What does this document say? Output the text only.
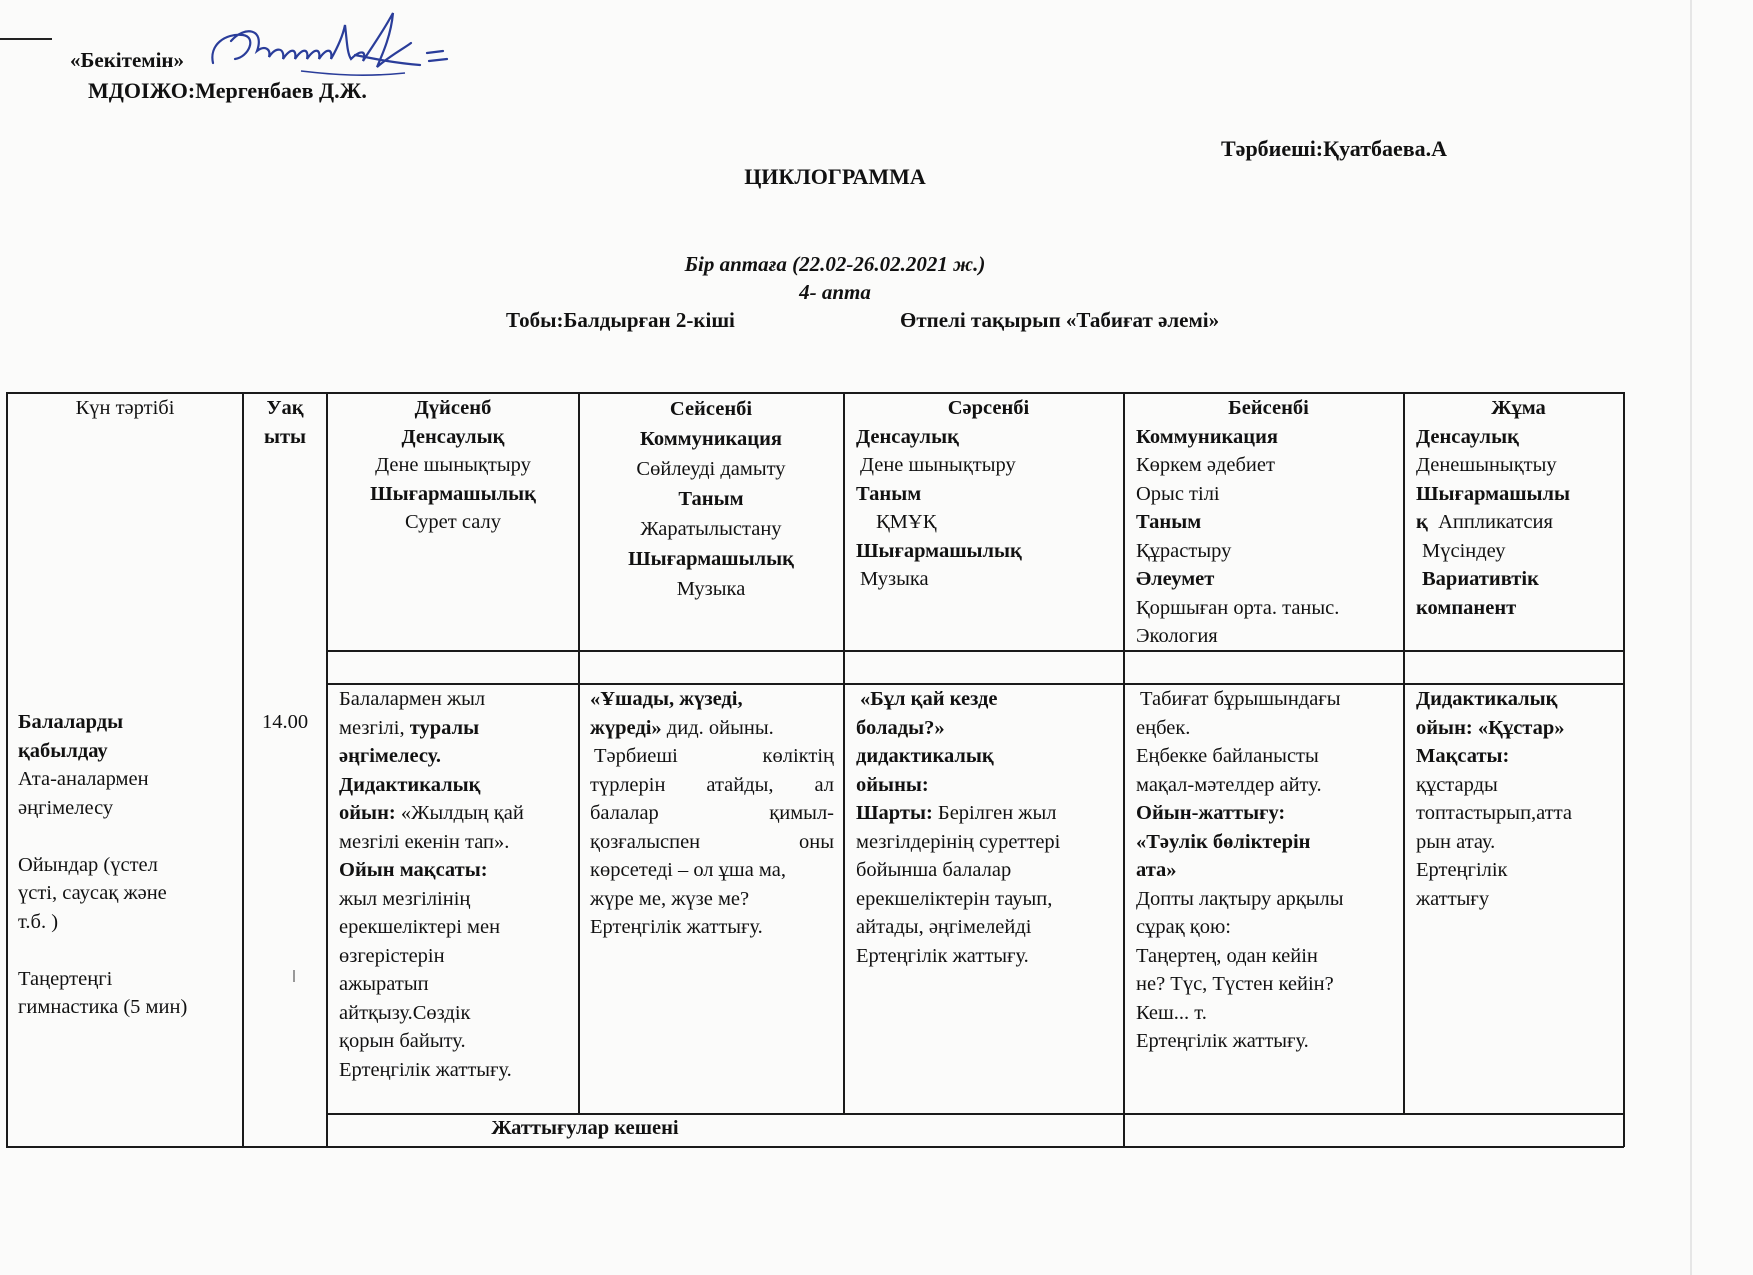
«Бекітемін»
МДОІЖО:Мергенбаев Д.Ж.
Тәрбиеші:Қуатбаева.А
ЦИКЛОГРАММА
Бір аптаға (22.02-26.02.2021 ж.)
4- апта
Тобы:Балдырған 2-кіші	Өтпелі тақырып «Табиғат әлемі»
Күн тәртібі	Уақ

ыты

Дүйсенб

Денсаулық

Дене шынықтыру

Шығармашылық

Сурет салу

Сейсенбі

Коммуникация

Сөйлеуді дамыту

Таным

Жаратылыстану

Шығармашылық

Музыка

Сәрсенбі

Денсаулық

Дене шынықтыру

Таным

ҚМҰҚ

Шығармашылық

Музыка

Бейсенбі

Коммуникация

Көркем әдебиет

Орыс тілі

Таным

Құрастыру

Әлеумет

Қоршыған орта. таныс.

Экология

Жұма

Денсаулық

Денешынықтыу

Шығармашылы

қ Аппликатсия

Мүсіндеу

Вариативтік

компанент

Балаларды

қабылдау

Ата-аналармен

әңгімелесу

Ойындар (үстел

үсті, саусақ және

т.б. )

Таңертеңгі

гимнастика (5 мин)

14.00

Балалармен жыл

мезгілі, туралы

әңгімелесу.

Дидактикалық

ойын: «Жылдың қай

мезгілі екенін тап».

Ойын мақсаты:

жыл мезгілінің

ерекшеліктері мен

өзгерістерін

ажыратып

айтқызу.Сөздік

қорын байыту.

Ертеңгілік жаттығу.

«Ұшады, жүзеді,

жүреді» дид. ойыны.

Тәрбиеші көліктің

түрлерін атайды, ал

балалар қимыл-

қозғалыспен оны

көрсетеді – ол ұша ма,

жүре ме, жүзе ме?

Ертеңгілік жаттығу.

«Бұл қай кезде

болады?»

дидактикалық

ойыны:

Шарты: Берілген жыл

мезгілдерінің суреттері

бойынша балалар

ерекшеліктерін тауып,

айтады, әңгімелейді

Ертеңгілік жаттығу.

Табиғат бұрышындағы

еңбек.

Еңбекке байланысты

мақал-мәтелдер айту.

Ойын-жаттығу:

«Тәулік бөліктерін

ата»

Допты лақтыру арқылы

сұрақ қою:

Таңертең, одан кейін

не? Түс, Түстен кейін?

Кеш... т.

Ертеңгілік жаттығу.

Дидактикалық

ойын: «Құстар»

Мақсаты:

құстарды

топтастырып,атта

рын атау.

Ертеңгілік

жаттығу

Жаттығулар кешені
